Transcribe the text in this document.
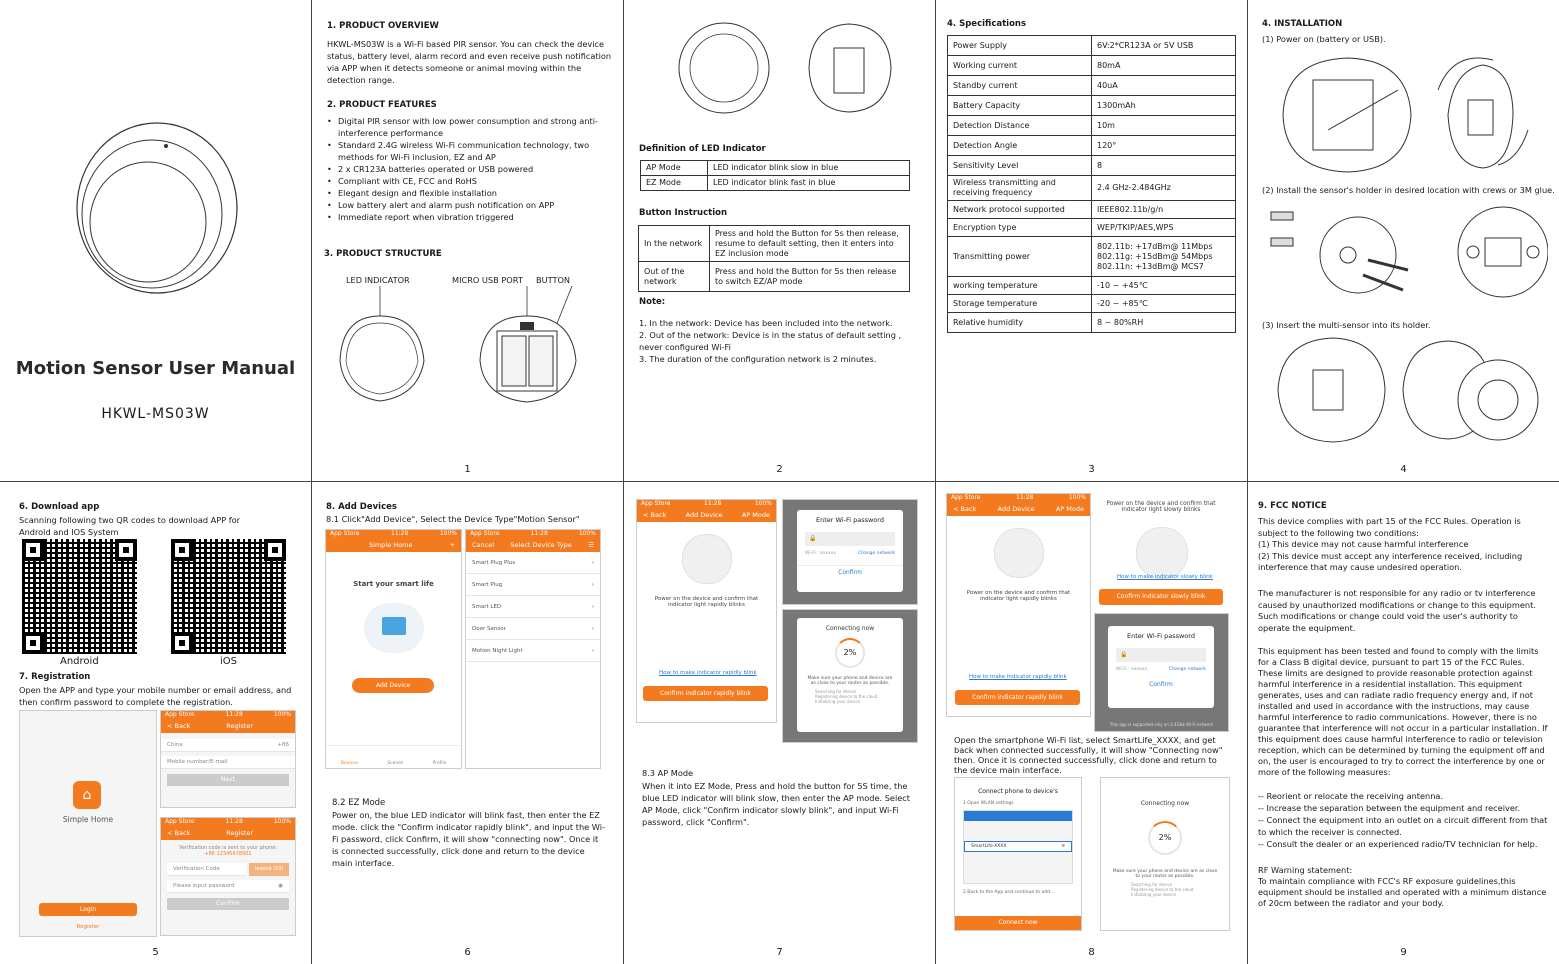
Motion Sensor User Manual
HKWL-MS03W
1. PRODUCT OVERVIEW
HKWL-MS03W is a Wi-Fi based PIR sensor. You can check the device status, battery level, alarm record and even receive push notification via APP when it detects someone or animal moving within the detection range.
2. PRODUCT FEATURES
• Digital PIR sensor with low power consumption and strong anti-interference performance
• Standard 2.4G wireless Wi-Fi communication technology, two methods for Wi-Fi inclusion, EZ and AP
• 2 x CR123A batteries operated or USB powered
• Compliant with CE, FCC and RoHS
• Elegant design and flexible installation
• Low battery alert and alarm push notification on APP
• Immediate report when vibration triggered
3. PRODUCT STRUCTURE
LED INDICATOR	MICRO USB PORT BUTTON
1
Definition of LED Indicator
AP Mode	LED indicator blink slow in blue
EZ Mode	LED indicator blink fast in blue
Button Instruction
In the network	Press and hold the Button for 5s then release, resume to default setting, then it enters into EZ inclusion mode
Out of the network	Press and hold the Button for 5s then release to switch EZ/AP mode
Note:
1. In the network: Device has been included into the network.
2. Out of the network: Device is in the status of default setting , never configured Wi-Fi
3. The duration of the configuration network is 2 minutes.
2
4. Specifications
Power Supply	6V:2*CR123A or 5V USB
Working current	80mA
Standby current	40uA
Battery Capacity	1300mAh
Detection Distance	10m
Detection Angle	120°
Sensitivity Level	8
Wireless transmitting and receiving frequency	2.4 GHz-2.484GHz
Network protocol supported	IEEE802.11b/g/n
Encryption type	WEP/TKIP/AES,WPS
Transmitting power	802.11b: +17dBm@ 11Mbps
802.11g: +15dBm@ 54Mbps
802.11n: +13dBm@ MCS7
working temperature	-10 ~ +45℃
Storage temperature	-20 ~ +85℃
Relative humidity	8 ~ 80%RH
3
4. INSTALLATION
(1) Power on (battery or USB).
(2) Install the sensor's holder in desired location with crews or 3M glue.
(3) Insert the multi-sensor into its holder.
4
6. Download app
Scanning following two QR codes to download APP for Android and IOS System
Android	iOS
7. Registration
Open the APP and type your mobile number or email address, and then confirm password to complete the registration.
⌂
Simple Home
Login
Register
App Store	11:28	100%
< Back	Register
China	+86
Mobile number/E-mail
Next
App Store	11:28	100%
< Back	Register
Verification code is sent to your phone:
+86 12345678901
Verification Code	resend (59)
Please input password	◉
Confirm
5
8. Add Devices
8.1 Click"Add Device", Select the Device Type"Motion Sensor"
App Store	11:28	100%
Simple Home	+
Start your smart life
Add Device
Devices	Scenes	Profile
App Store	11:28	100%
Cancel	Select Device Type	☰
Smart Plug Plus	›
Smart Plug	›
Smart LED	›
Door Sensor	›
Motion Night Light	›
8.2 EZ Mode
Power on, the blue LED indicator will blink fast, then enter the EZ mode. click the "Confirm indicator rapidly blink", and input the Wi-Fi password, click Confirm, it will show "connecting now". Once it is connected successfully, click done and return to the device main interface.
6
App Store	11:28	100%
< Back	Add Device	AP Mode
Power on the device and confirm that indicator light rapidly blinks
How to make indicator rapidly blink
Confirm indicator rapidly blink
Enter Wi-Fi password
🔒
Wi-Fi : xxxxxx	Change network
Confirm
Connecting now
2%
Make sure your phone and device are as close to your router as possible.
Searching for device
Registering device to the cloud
Initializing your device
8.3 AP Mode
When it into EZ Mode, Press and hold the button for 5S time, the blue LED indicator will blink slow, then enter the AP mode. Select AP Mode, click "Confirm indicator slowly blink", and input Wi-Fi password, click "Confirm".
7
App Store	11:28	100%
< Back	Add Device	AP Mode
Power on the device and confirm that indicator light rapidly blinks
How to make indicator rapidly blink
Confirm indicator rapidly blink
Power on the device and confirm that indicator light slowly blinks
How to make indicator slowly blink
Confirm indicator slowly blink
Enter Wi-Fi password
🔒
Wi-Fi : xxxxxx	Change network
Confirm
This app is supported only on 2.4GHz Wi-Fi network
Open the smartphone Wi-Fi list, select SmartLife_XXXX, and get back when connected successfully, it will show "Connecting now" then. Once it is connected successfully, click done and return to the device main interface.
Connect phone to device's
1.Open WLAN settings
SmartLife-XXXX	≋
2.Back to the App and continue to add...
Connect now
Connecting now
2%
Make sure your phone and device are as close to your router as possible.
Searching for device
Registering device to the cloud
Initializing your device
8
9. FCC NOTICE
This device complies with part 15 of the FCC Rules. Operation is subject to the following two conditions:
(1) This device may not cause harmful interference
(2) This device must accept any interference received, including interference that may cause undesired operation.
The manufacturer is not responsible for any radio or tv interference caused by unauthorized modifications or change to this equipment. Such modifications or change could void the user's authority to operate the equipment.
This equipment has been tested and found to comply with the limits for a Class B digital device, pursuant to part 15 of the FCC Rules. These limits are designed to provide reasonable protection against harmful interference in a residential installation. This equipment generates, uses and can radiate radio frequency energy and, if not installed and used in accordance with the instructions, may cause harmful interference to radio communications. However, there is no guarantee that interference will not occur in a particular installation. If this equipment does cause harmful interference to radio or television reception, which can be determined by turning the equipment off and on, the user is encouraged to try to correct the interference by one or more of the following measures:
-- Reorient or relocate the receiving antenna.
-- Increase the separation between the equipment and receiver.
-- Connect the equipment into an outlet on a circuit different from that to which the receiver is connected.
-- Consult the dealer or an experienced radio/TV technician for help.
RF Warning statement:
To maintain compliance with FCC's RF exposure guidelines,this equipment should be installed and operated with a minimum distance of 20cm between the radiator and your body.
9
